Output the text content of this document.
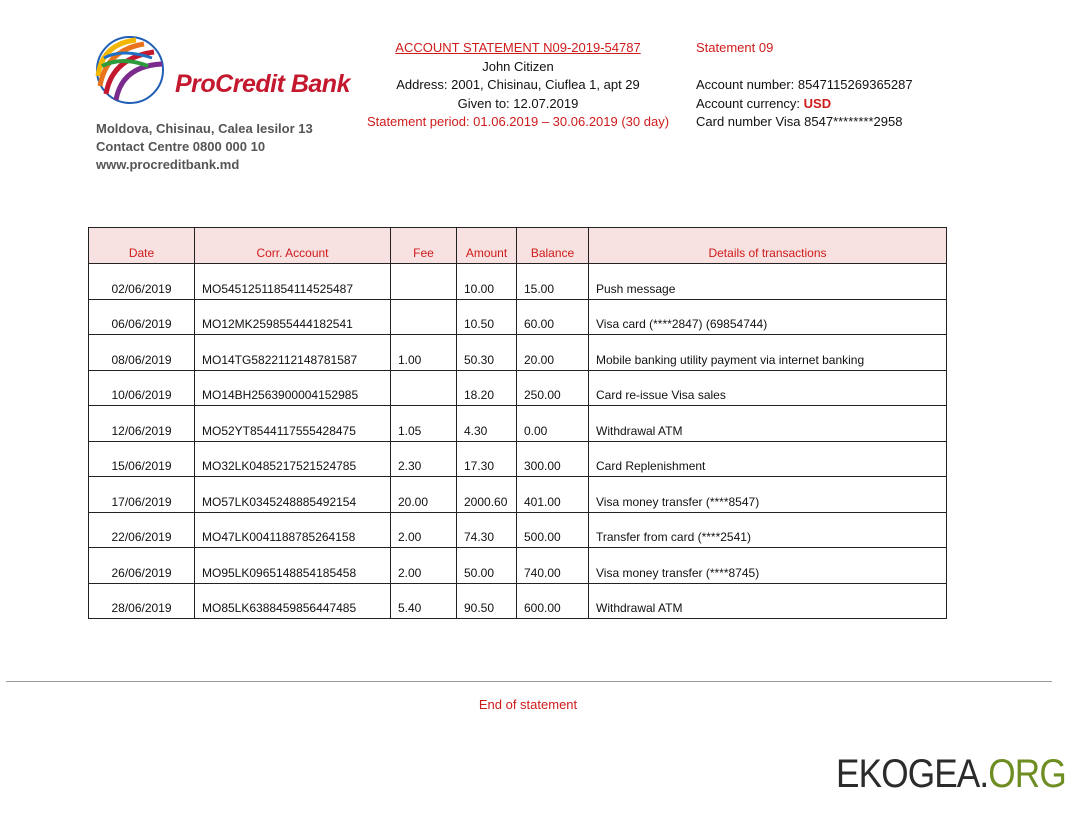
ProCredit Bank
Moldova, Chisinau, Calea Iesilor 13
Contact Centre 0800 000 10
www.procreditbank.md
ACCOUNT STATEMENT N09-2019-54787
John Citizen
Address: 2001, Chisinau, Ciuflea 1, apt 29
Given to: 12.07.2019
Statement period: 01.06.2019 – 30.06.2019 (30 day)
Statement 09
Account number: 8547115269365287
Account currency: USD
Card number Visa 8547********2958
Date	Corr. Account	Fee	Amount	Balance	Details of transactions
02/06/2019	MO54512511854114525487		10.00	15.00	Push message
06/06/2019	MO12MK259855444182541		10.50	60.00	Visa card (****2847) (69854744)
08/06/2019	MO14TG5822112148781587	1.00	50.30	20.00	Mobile banking utility payment via internet banking
10/06/2019	MO14BH2563900004152985		18.20	250.00	Card re-issue Visa sales
12/06/2019	MO52YT8544117555428475	1.05	4.30	0.00	Withdrawal ATM
15/06/2019	MO32LK0485217521524785	2.30	17.30	300.00	Card Replenishment
17/06/2019	MO57LK0345248885492154	20.00	2000.60	401.00	Visa money transfer (****8547)
22/06/2019	MO47LK0041188785264158	2.00	74.30	500.00	Transfer from card (****2541)
26/06/2019	MO95LK0965148854185458	2.00	50.00	740.00	Visa money transfer (****8745)
28/06/2019	MO85LK6388459856447485	5.40	90.50	600.00	Withdrawal ATM
End of statement
EKOGEA.ORG
